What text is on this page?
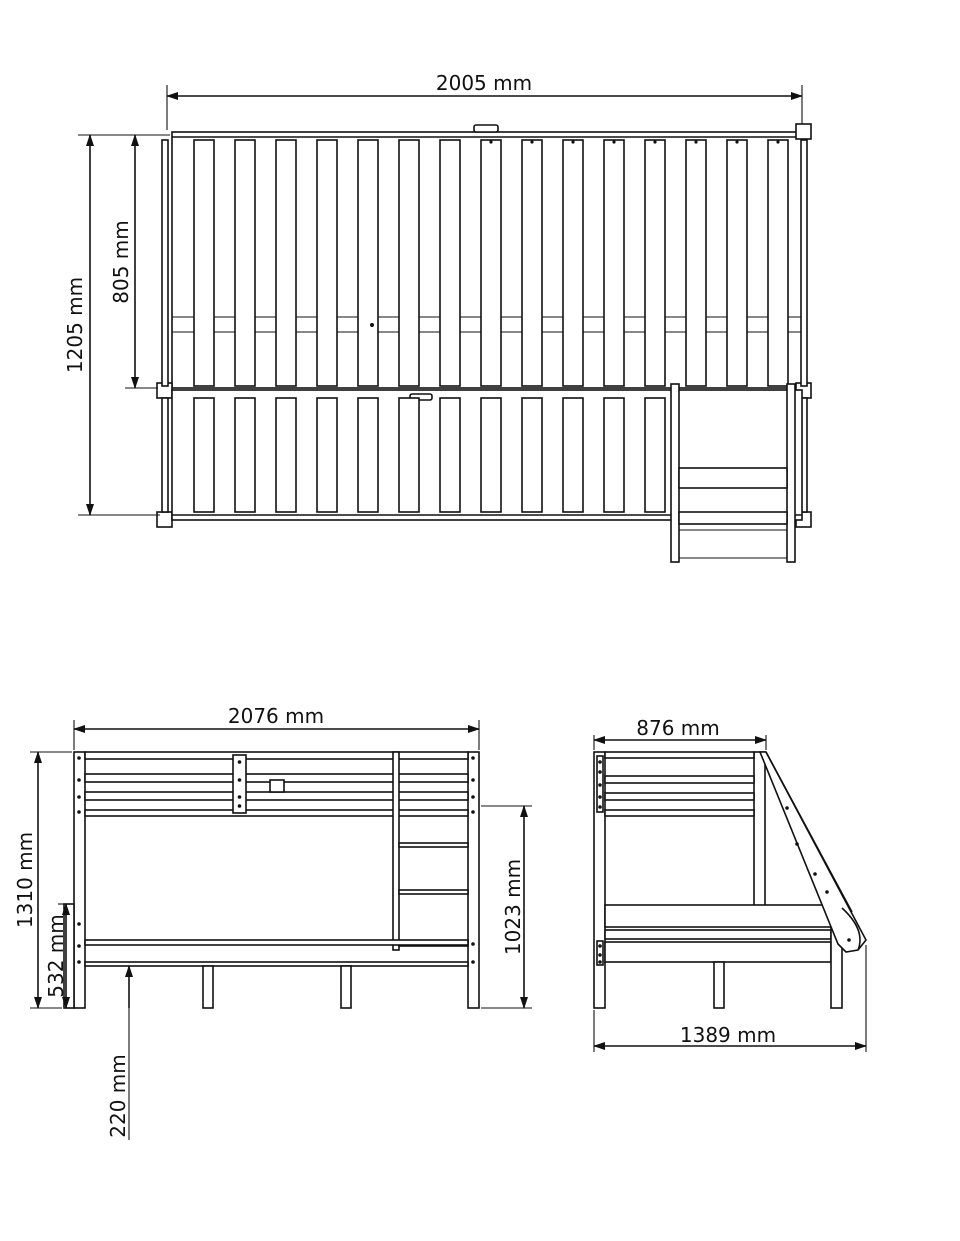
2005 mm
1205 mm
805 mm
2076 mm
1310 mm
532 mm
1023 mm
220 mm
876 mm
1389 mm
